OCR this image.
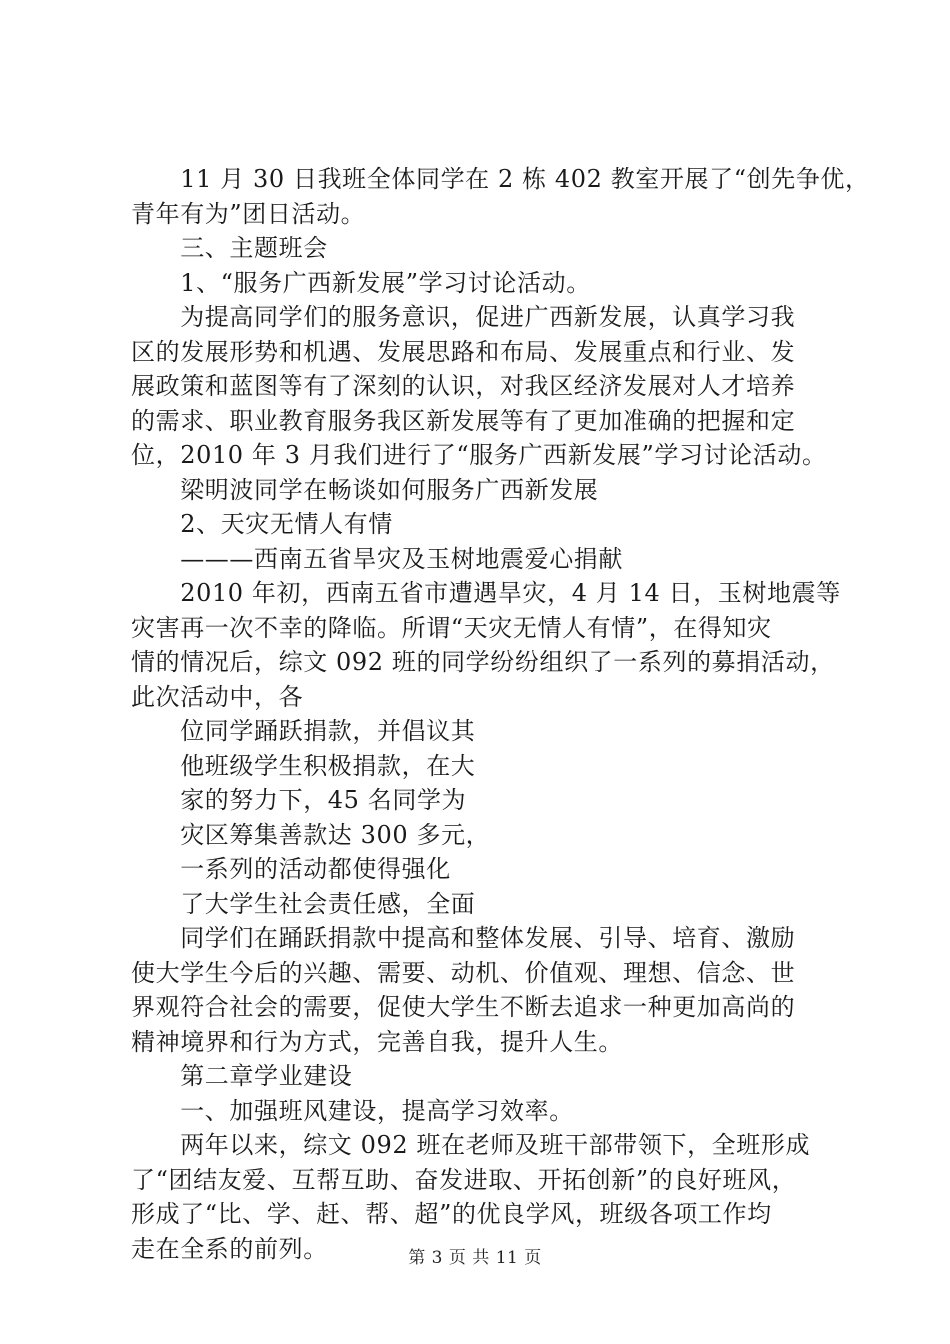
　　11 月 30 日我班全体同学在 2 栋 402 教室开展了“创先争优，
青年有为”团日活动。
　　三、主题班会
　　1、“服务广西新发展”学习讨论活动。
　　为提高同学们的服务意识，促进广西新发展，认真学习我
区的发展形势和机遇、发展思路和布局、发展重点和行业、发
展政策和蓝图等有了深刻的认识，对我区经济发展对人才培养
的需求、职业教育服务我区新发展等有了更加准确的把握和定
位，2010 年 3 月我们进行了“服务广西新发展”学习讨论活动。
　　梁明波同学在畅谈如何服务广西新发展
　　2、天灾无情人有情
　　———西南五省旱灾及玉树地震爱心捐献
　　2010 年初，西南五省市遭遇旱灾，4 月 14 日，玉树地震等
灾害再一次不幸的降临。所谓“天灾无情人有情”，在得知灾
情的情况后，综文 092 班的同学纷纷组织了一系列的募捐活动，
此次活动中，各
　　位同学踊跃捐款，并倡议其
　　他班级学生积极捐款，在大
　　家的努力下，45 名同学为
　　灾区筹集善款达 300 多元，
　　一系列的活动都使得强化
　　了大学生社会责任感，全面
　　同学们在踊跃捐款中提高和整体发展、引导、培育、激励
使大学生今后的兴趣、需要、动机、价值观、理想、信念、世
界观符合社会的需要，促使大学生不断去追求一种更加高尚的
精神境界和行为方式，完善自我，提升人生。
　　第二章学业建设
　　一、加强班风建设，提高学习效率。
　　两年以来，综文 092 班在老师及班干部带领下，全班形成
了“团结友爱、互帮互助、奋发进取、开拓创新”的良好班风，
形成了“比、学、赶、帮、超”的优良学风，班级各项工作均
走在全系的前列。	第 3 页 共 11 页
